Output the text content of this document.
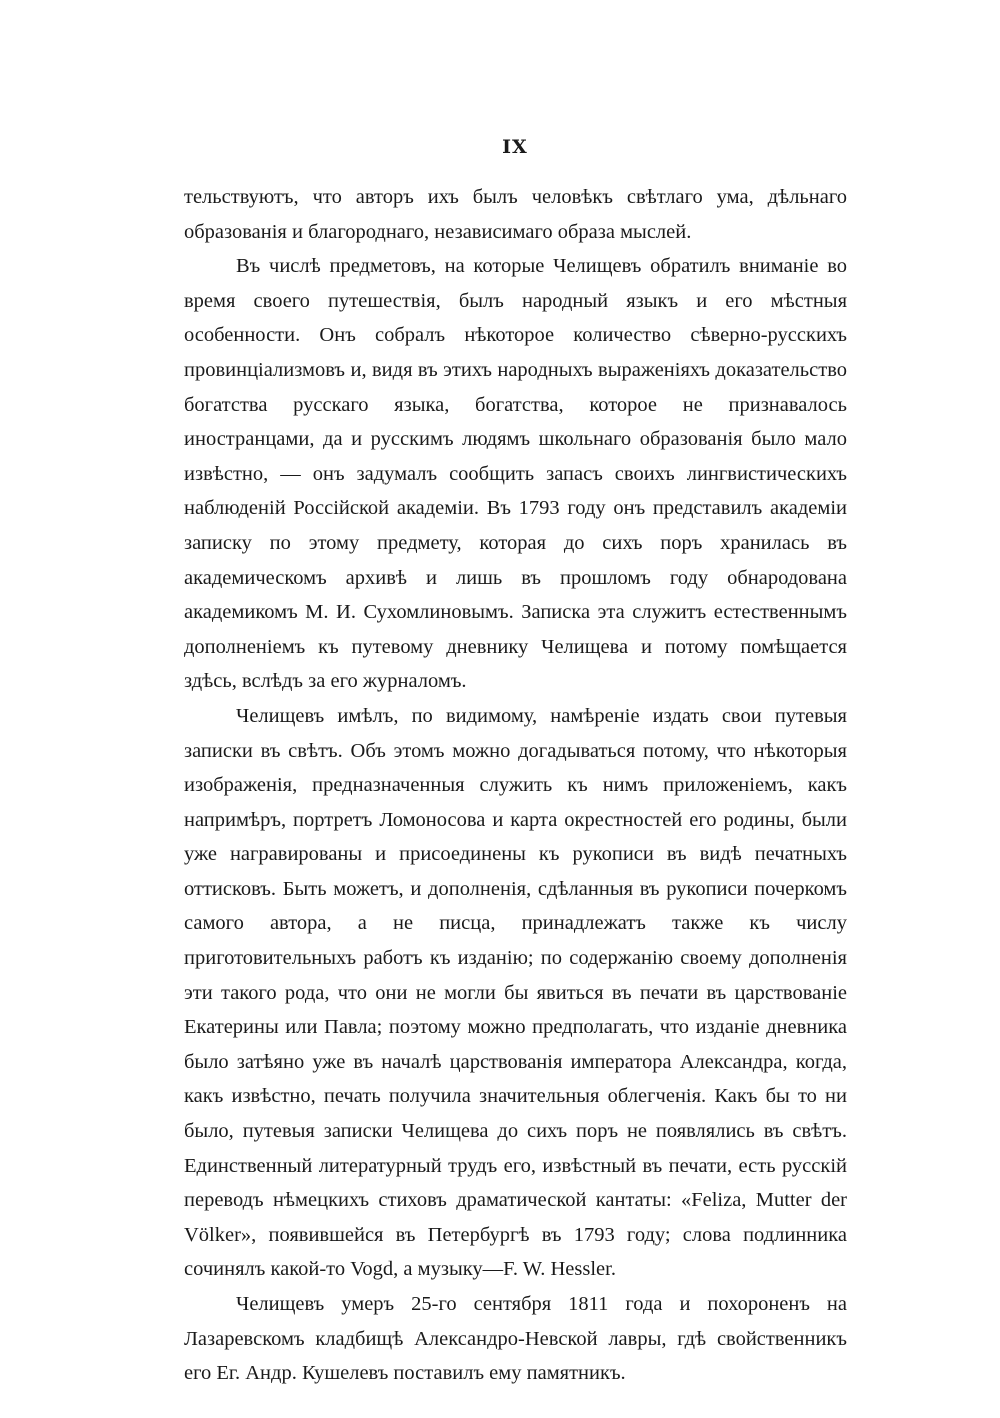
IX

тельствуютъ, что авторъ ихъ былъ человѣкъ свѣтлаго ума, дѣльнаго образованія и благороднаго, независимаго образа мыслей.

Въ числѣ предметовъ, на которые Челищевъ обратилъ вниманіе во время своего путешествія, былъ народный языкъ и его мѣстныя особенности. Онъ собралъ нѣкоторое количество сѣверно-русскихъ провинціализмовъ и, видя въ этихъ народныхъ выраженіяхъ доказательство богатства русскаго языка, богатства, которое не признавалось иностранцами, да и русскимъ людямъ школьнаго образованія было мало извѣстно, — онъ задумалъ сообщить запасъ своихъ лингвистическихъ наблюденій Россійской академіи. Въ 1793 году онъ представилъ академіи записку по этому предмету, которая до сихъ поръ хранилась въ академическомъ архивѣ и лишь въ прошломъ году обнародована академикомъ М. И. Сухомлиновымъ. Записка эта служитъ естественнымъ дополненіемъ къ путевому дневнику Челищева и потому помѣщается здѣсь, вслѣдъ за его журналомъ.

Челищевъ имѣлъ, по видимому, намѣреніе издать свои путевыя записки въ свѣтъ. Объ этомъ можно догадываться потому, что нѣкоторыя изображенія, предназначенныя служить къ нимъ приложеніемъ, какъ напримѣръ, портретъ Ломоносова и карта окрестностей его родины, были уже награвированы и присоединены къ рукописи въ видѣ печатныхъ оттисковъ. Быть можетъ, и дополненія, сдѣланныя въ рукописи почеркомъ самого автора, а не писца, принадлежатъ также къ числу приготовительныхъ работъ къ изданію; по содержанію своему дополненія эти такого рода, что они не могли бы явиться въ печати въ царствованіе Екатерины или Павла; поэтому можно предполагать, что изданіе дневника было затѣяно уже въ началѣ царствованія императора Александра, когда, какъ извѣстно, печать получила значительныя облегченія. Какъ бы то ни было, путевыя записки Челищева до сихъ поръ не появлялись въ свѣтъ. Единственный литературный трудъ его, извѣстный въ печати, есть русскій переводъ нѣмецкихъ стиховъ драматической кантаты: «Feliza, Mutter der Völker», появившейся въ Петербургѣ въ 1793 году; слова подлинника сочинялъ какой-то Vogd, а музыку—F. W. Hessler.

Челищевъ умеръ 25-го сентября 1811 года и похороненъ на Лазаревскомъ кладбищѣ Александро-Невской лавры, гдѣ свойственникъ его Ег. Андр. Кушелевъ поставилъ ему памятникъ.
